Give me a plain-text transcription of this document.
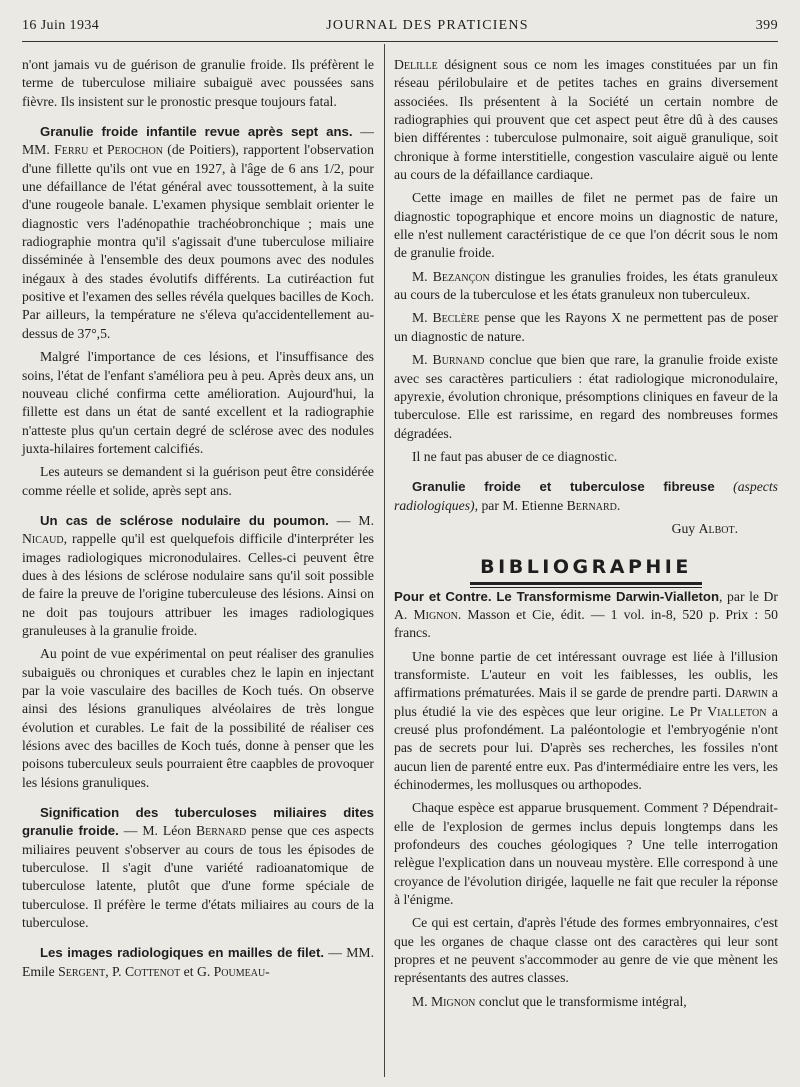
16 Juin 1934	JOURNAL DES PRATICIENS	399

n'ont jamais vu de guérison de granulie froide. Ils préfèrent le terme de tuberculose miliaire subaiguë avec poussées sans fièvre. Ils insistent sur le pronostic presque toujours fatal.

Granulie froide infantile revue après sept ans. — MM. Ferru et Perochon (de Poitiers), rapportent l'observation d'une fillette qu'ils ont vue en 1927, à l'âge de 6 ans 1/2, pour une défaillance de l'état général avec toussottement, à la suite d'une rougeole banale. L'examen physique semblait orienter le diagnostic vers l'adénopathie trachéobronchique ; mais une radiographie montra qu'il s'agissait d'une tuberculose miliaire disséminée à l'ensemble des deux poumons avec des nodules inégaux à des stades évolutifs différents. La cutiréaction fut positive et l'examen des selles révéla quelques bacilles de Koch. Par ailleurs, la température ne s'éleva qu'accidentellement au-dessus de 37°,5.

Malgré l'importance de ces lésions, et l'insuffisance des soins, l'état de l'enfant s'améliora peu à peu. Après deux ans, un nouveau cliché confirma cette amélioration. Aujourd'hui, la fillette est dans un état de santé excellent et la radiographie n'atteste plus qu'un certain degré de sclérose avec des nodules juxta-hilaires fortement calcifiés.

Les auteurs se demandent si la guérison peut être considérée comme réelle et solide, après sept ans.

Un cas de sclérose nodulaire du poumon. — M. Nicaud, rappelle qu'il est quelquefois difficile d'interpréter les images radiologiques micronodulaires. Celles-ci peuvent être dues à des lésions de sclérose nodulaire sans qu'il soit possible de faire la preuve de l'origine tuberculeuse des lésions. Ainsi on ne doit pas toujours attribuer les images radiologiques granuleuses à la granulie froide.

Au point de vue expérimental on peut réaliser des granulies subaiguës ou chroniques et curables chez le lapin en injectant par la voie vasculaire des bacilles de Koch tués. On observe ainsi des lésions granuliques alvéolaires de très longue évolution et curables. Le fait de la possibilité de réaliser ces lésions avec des bacilles de Koch tués, donne à penser que les poisons tuberculeux seuls pourraient être caapbles de provoquer les lésions granuliques.

Signification des tuberculoses miliaires dites granulie froide. — M. Léon Bernard pense que ces aspects miliaires peuvent s'observer au cours de tous les épisodes de tuberculose. Il s'agit d'une variété radioanatomique de tuberculose latente, plutôt que d'une forme spéciale de tuberculose. Il préfère le terme d'états miliaires au cours de la tuberculose.

Les images radiologiques en mailles de filet. — MM. Emile Sergent, P. Cottenot et G. Poumeau-

Delille désignent sous ce nom les images constituées par un fin réseau périlobulaire et de petites taches en grains diversement associées. Ils présentent à la Société un certain nombre de radiographies qui prouvent que cet aspect peut être dû à des causes bien différentes : tuberculose pulmonaire, soit aiguë granulique, soit chronique à forme interstitielle, congestion vasculaire aiguë ou lente au cours de la défaillance cardiaque.

Cette image en mailles de filet ne permet pas de faire un diagnostic topographique et encore moins un diagnostic de nature, elle n'est nullement caractéristique de ce que l'on décrit sous le nom de granulie froide.

M. Bezançon distingue les granulies froides, les états granuleux au cours de la tuberculose et les états granuleux non tuberculeux.

M. Beclère pense que les Rayons X ne permettent pas de poser un diagnostic de nature.

M. Burnand conclue que bien que rare, la granulie froide existe avec ses caractères particuliers : état radiologique micronodulaire, apyrexie, évolution chronique, présomptions cliniques en faveur de la tuberculose. Elle est rarissime, en regard des nombreuses formes dégradées.

Il ne faut pas abuser de ce diagnostic.

Granulie froide et tuberculose fibreuse (aspects radiologiques), par M. Etienne Bernard.

Guy Albot.
BIBLIOGRAPHIE

Pour et Contre. Le Transformisme Darwin-Vialleton, par le Dr A. Mignon. Masson et Cie, édit. — 1 vol. in-8, 520 p. Prix : 50 francs.

Une bonne partie de cet intéressant ouvrage est liée à l'illusion transformiste. L'auteur en voit les faiblesses, les oublis, les affirmations prématurées. Mais il se garde de prendre parti. Darwin a plus étudié la vie des espèces que leur origine. Le Pr Vialleton a creusé plus profondément. La paléontologie et l'embryogénie n'ont pas de secrets pour lui. D'après ses recherches, les fossiles n'ont aucun lien de parenté entre eux. Pas d'intermédiaire entre les vers, les échinodermes, les mollusques ou arthopodes.

Chaque espèce est apparue brusquement. Comment ? Dépendrait-elle de l'explosion de germes inclus depuis longtemps dans les profondeurs des couches géologiques ? Une telle interrogation relègue l'explication dans un nouveau mystère. Elle correspond à une croyance de l'évolution dirigée, laquelle ne fait que reculer la réponse à l'énigme.

Ce qui est certain, d'après l'étude des formes embryonnaires, c'est que les organes de chaque classe ont des caractères qui leur sont propres et ne peuvent s'accommoder au genre de vie que mènent les représentants des autres classes.

M. Mignon conclut que le transformisme intégral,
